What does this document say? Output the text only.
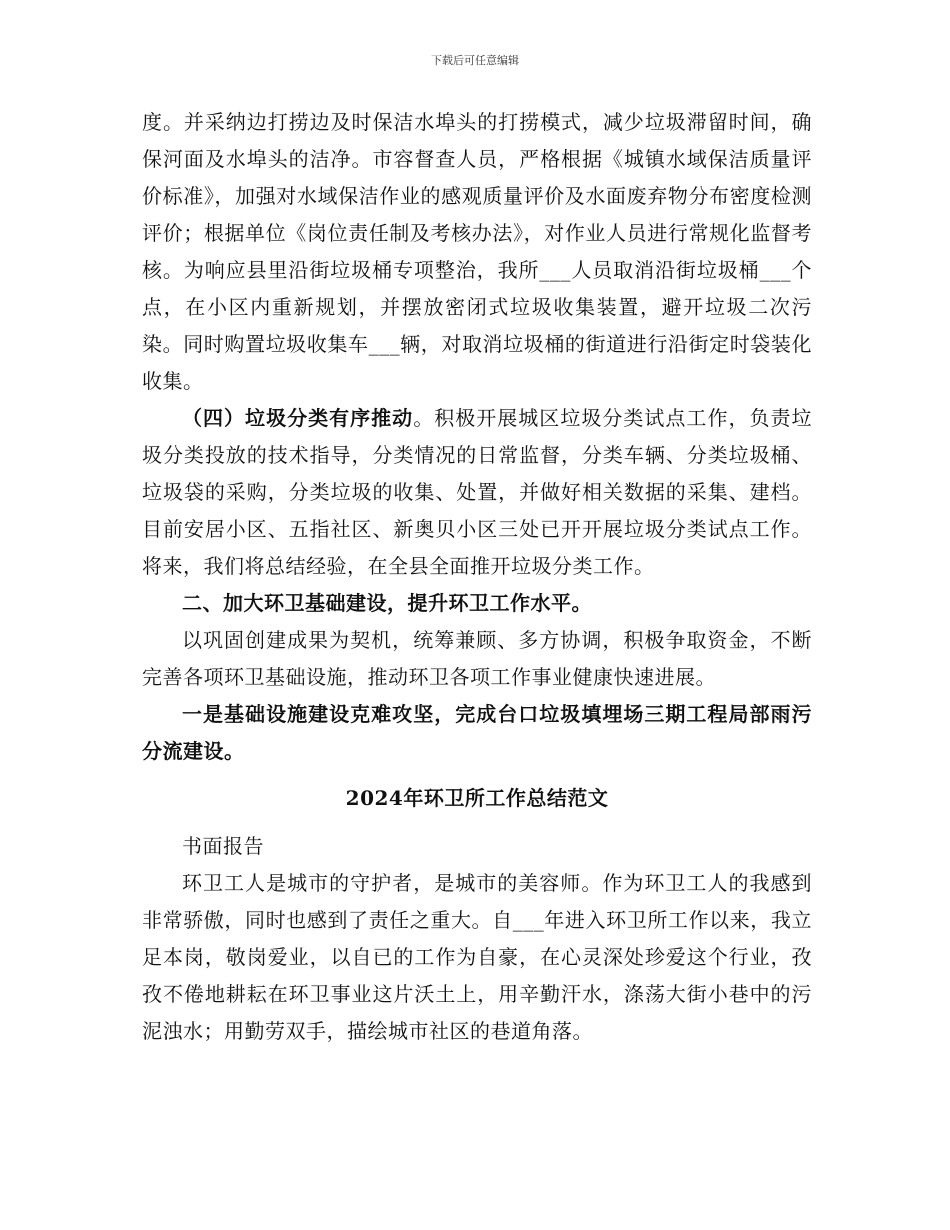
下载后可任意编辑

度。并采纳边打捞边及时保洁水埠头的打捞模式，减少垃圾滞留时间，确保河面及水埠头的洁净。市容督查人员，严格根据《城镇水域保洁质量评价标准》，加强对水域保洁作业的感观质量评价及水面废弃物分布密度检测评价；根据单位《岗位责任制及考核办法》，对作业人员进行常规化监督考核。为响应县里沿街垃圾桶专项整治，我所___人员取消沿街垃圾桶___个点，在小区内重新规划，并摆放密闭式垃圾收集装置，避开垃圾二次污染。同时购置垃圾收集车___辆，对取消垃圾桶的街道进行沿街定时袋装化收集。

（四）垃圾分类有序推动。积极开展城区垃圾分类试点工作，负责垃圾分类投放的技术指导，分类情况的日常监督，分类车辆、分类垃圾桶、垃圾袋的采购，分类垃圾的收集、处置，并做好相关数据的采集、建档。目前安居小区、五指社区、新奥贝小区三处已开开展垃圾分类试点工作。将来，我们将总结经验，在全县全面推开垃圾分类工作。

二、加大环卫基础建设，提升环卫工作水平。

以巩固创建成果为契机，统筹兼顾、多方协调，积极争取资金，不断完善各项环卫基础设施，推动环卫各项工作事业健康快速进展。

一是基础设施建设克难攻坚，完成台口垃圾填埋场三期工程局部雨污分流建设。

2024年环卫所工作总结范文

书面报告

环卫工人是城市的守护者，是城市的美容师。作为环卫工人的我感到非常骄傲，同时也感到了责任之重大。自___年进入环卫所工作以来，我立足本岗，敬岗爱业，以自已的工作为自豪，在心灵深处珍爱这个行业，孜孜不倦地耕耘在环卫事业这片沃土上，用辛勤汗水，涤荡大街小巷中的污泥浊水；用勤劳双手，描绘城市社区的巷道角落。
